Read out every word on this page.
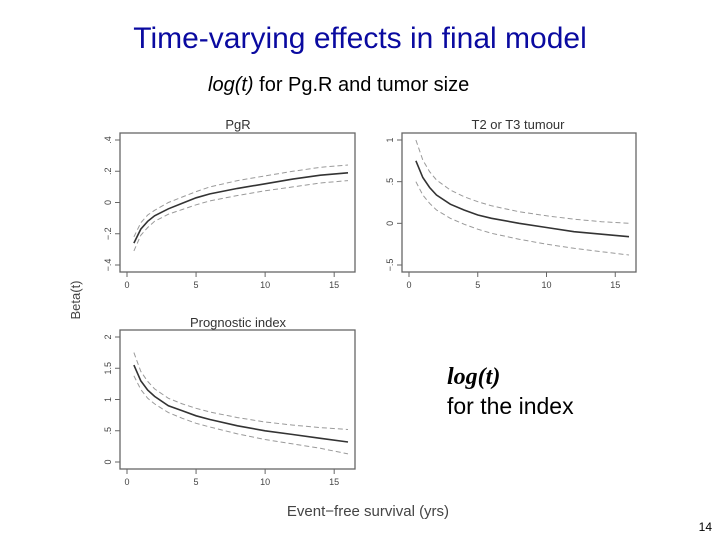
Time-varying effects in final model
log(t) for Pg.R and tumor size
Beta(t)
Event−free survival (yrs)
PgR
0	5	10	15
−.4
−.2
0
.2
.4
T2 or T3 tumour
0	5	10	15
−.5
0
.5
1
Prognostic index
0	5	10	15
0
.5
1
1.5
2
log(t)
for the index
14
